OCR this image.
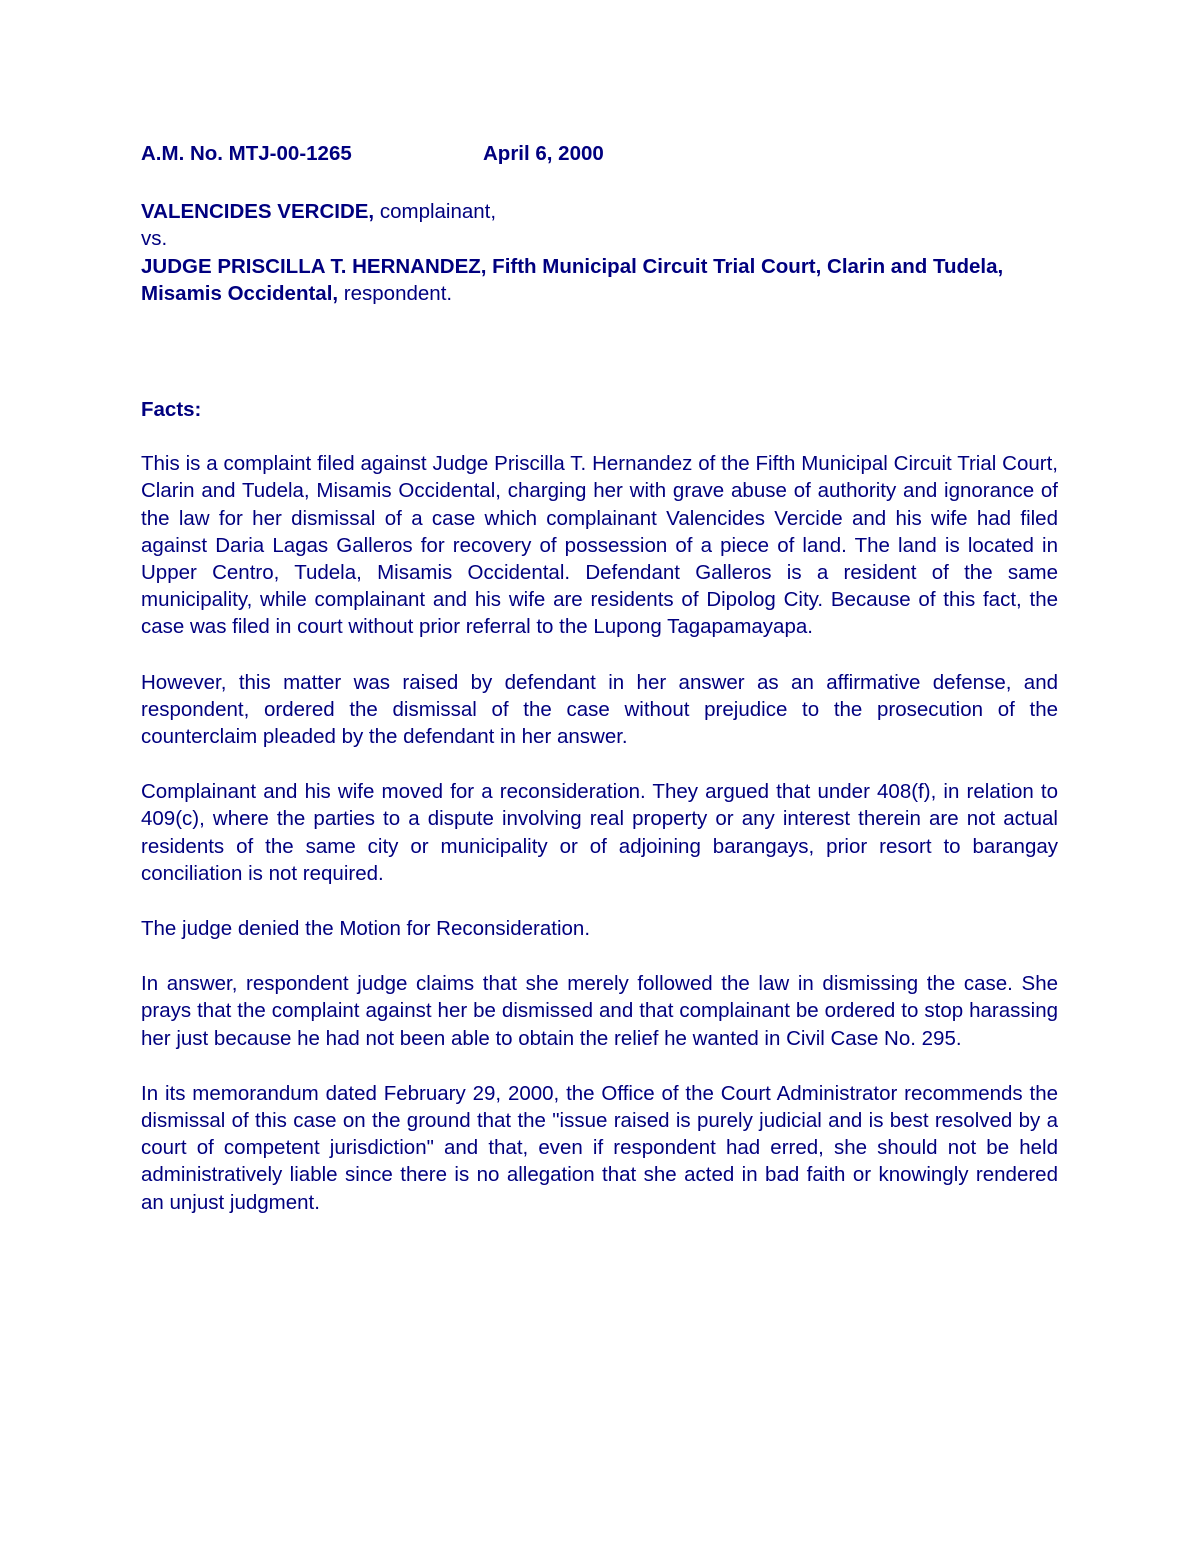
A.M. No. MTJ-00-1265	April 6, 2000

VALENCIDES VERCIDE, complainant,
vs.
JUDGE PRISCILLA T. HERNANDEZ, Fifth Municipal Circuit Trial Court, Clarin and Tudela, Misamis Occidental, respondent.

Facts:

This is a complaint filed against Judge Priscilla T. Hernandez of the Fifth Municipal Circuit Trial Court, Clarin and Tudela, Misamis Occidental, charging her with grave abuse of authority and ignorance of the law for her dismissal of a case which complainant Valencides Vercide and his wife had filed against Daria Lagas Galleros for recovery of possession of a piece of land. The land is located in Upper Centro, Tudela, Misamis Occidental. Defendant Galleros is a resident of the same municipality, while complainant and his wife are residents of Dipolog City. Because of this fact, the case was filed in court without prior referral to the Lupong Tagapamayapa.

However, this matter was raised by defendant in her answer as an affirmative defense, and respondent, ordered the dismissal of the case without prejudice to the prosecution of the counterclaim pleaded by the defendant in her answer.

Complainant and his wife moved for a reconsideration. They argued that under 408(f), in relation to 409(c), where the parties to a dispute involving real property or any interest therein are not actual residents of the same city or municipality or of adjoining barangays, prior resort to barangay conciliation is not required.

The judge denied the Motion for Reconsideration.

In answer, respondent judge claims that she merely followed the law in dismissing the case. She prays that the complaint against her be dismissed and that complainant be ordered to stop harassing her just because he had not been able to obtain the relief he wanted in Civil Case No. 295.

In its memorandum dated February 29, 2000, the Office of the Court Administrator recommends the dismissal of this case on the ground that the "issue raised is purely judicial and is best resolved by a court of competent jurisdiction" and that, even if respondent had erred, she should not be held administratively liable since there is no allegation that she acted in bad faith or knowingly rendered an unjust judgment.
